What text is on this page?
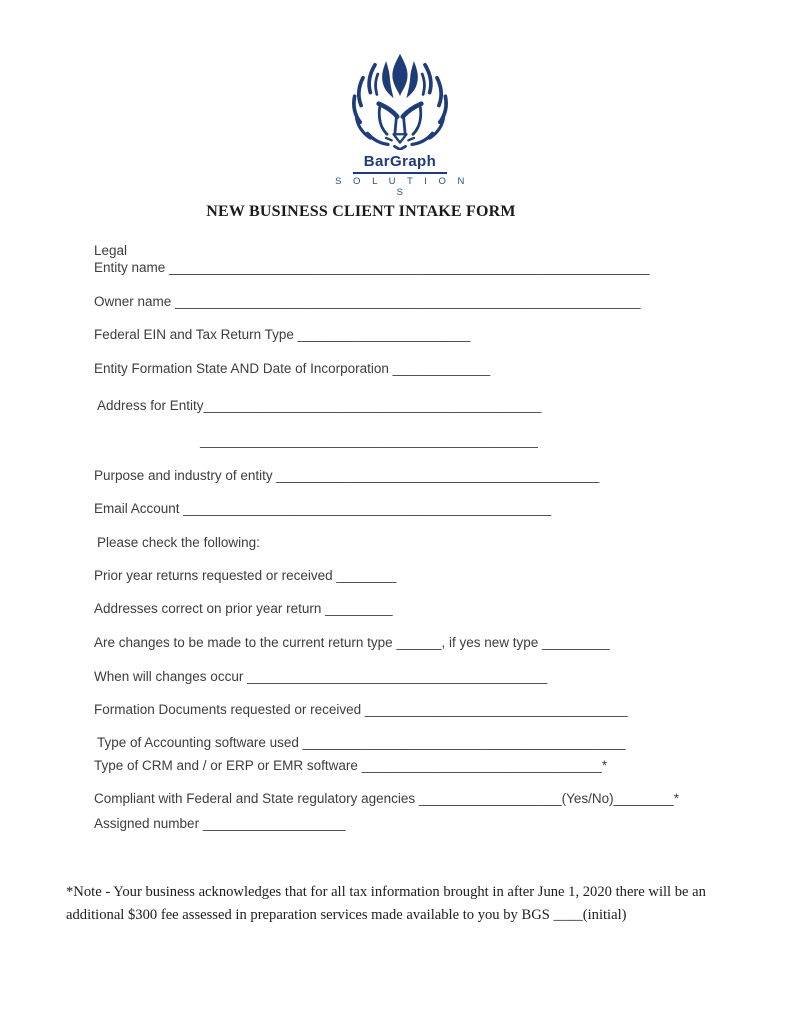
BarGraph
S O L U T I O N S
NEW BUSINESS CLIENT INTAKE FORM
Legal
Entity name ________________________________________________________________
Owner name ______________________________________________________________
Federal EIN and Tax Return Type _______________________
Entity Formation State AND Date of Incorporation _____________
Address for Entity_____________________________________________
_____________________________________________
Purpose and industry of entity ___________________________________________
Email Account _________________________________________________
Please check the following:
Prior year returns requested or received ________
Addresses correct on prior year return _________
Are changes to be made to the current return type ______, if yes new type _________
When will changes occur ________________________________________
Formation Documents requested or received ___________________________________
Type of Accounting software used ___________________________________________
Type of CRM and / or ERP or EMR software ________________________________*
Compliant with Federal and State regulatory agencies ___________________(Yes/No)________*
Assigned number ___________________

*Note - Your business acknowledges that for all tax information brought in after June 1, 2020 there will be an additional $300 fee assessed in preparation services made available to you by BGS ____(initial)
